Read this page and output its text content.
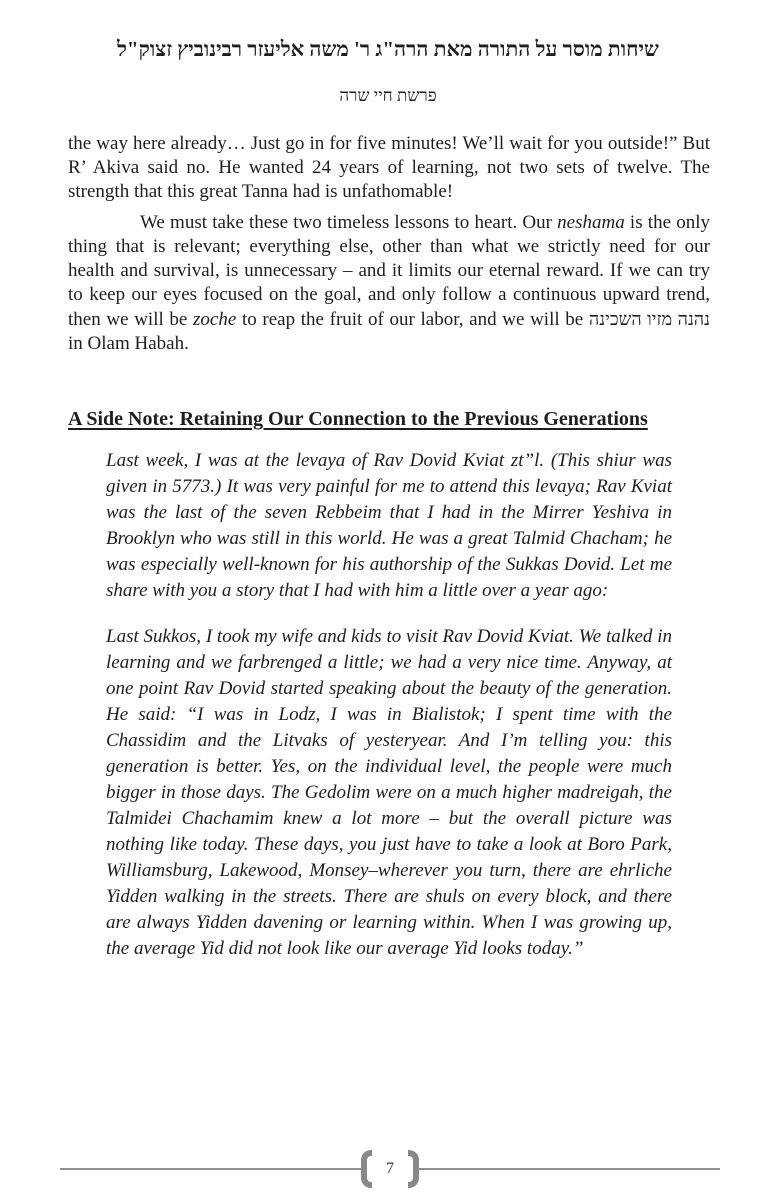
שיחות מוסר על התורה מאת הרה"ג ר' משה אליעזר רבינוביץ זצוק"ל
פרשת חיי שרה

the way here already… Just go in for five minutes! We’ll wait for you outside!” But R’ Akiva said no. He wanted 24 years of learning, not two sets of twelve. The strength that this great Tanna had is unfathomable!

We must take these two timeless lessons to heart. Our neshama is the only thing that is relevant; everything else, other than what we strictly need for our health and survival, is unnecessary – and it limits our eternal reward. If we can try to keep our eyes focused on the goal, and only follow a continuous upward trend, then we will be zoche to reap the fruit of our labor, and we will be נהנה מזיו השכינה in Olam Habah.

A Side Note: Retaining Our Connection to the Previous Generations

Last week, I was at the levaya of Rav Dovid Kviat zt”l. (This shiur was given in 5773.) It was very painful for me to attend this levaya; Rav Kviat was the last of the seven Rebbeim that I had in the Mirrer Yeshiva in Brooklyn who was still in this world. He was a great Talmid Chacham; he was especially well-known for his authorship of the Sukkas Dovid. Let me share with you a story that I had with him a little over a year ago:

Last Sukkos, I took my wife and kids to visit Rav Dovid Kviat. We talked in learning and we farbrenged a little; we had a very nice time. Anyway, at one point Rav Dovid started speaking about the beauty of the generation. He said: “I was in Lodz, I was in Bialistok; I spent time with the Chassidim and the Litvaks of yesteryear. And I’m telling you: this generation is better. Yes, on the individual level, the people were much bigger in those days. The Gedolim were on a much higher madreigah, the Talmidei Chachamim knew a lot more – but the overall picture was nothing like today. These days, you just have to take a look at Boro Park, Williamsburg, Lakewood, Monsey–wherever you turn, there are ehrliche Yidden walking in the streets. There are shuls on every block, and there are always Yidden davening or learning within. When I was growing up, the average Yid did not look like our average Yid looks today.”

7
